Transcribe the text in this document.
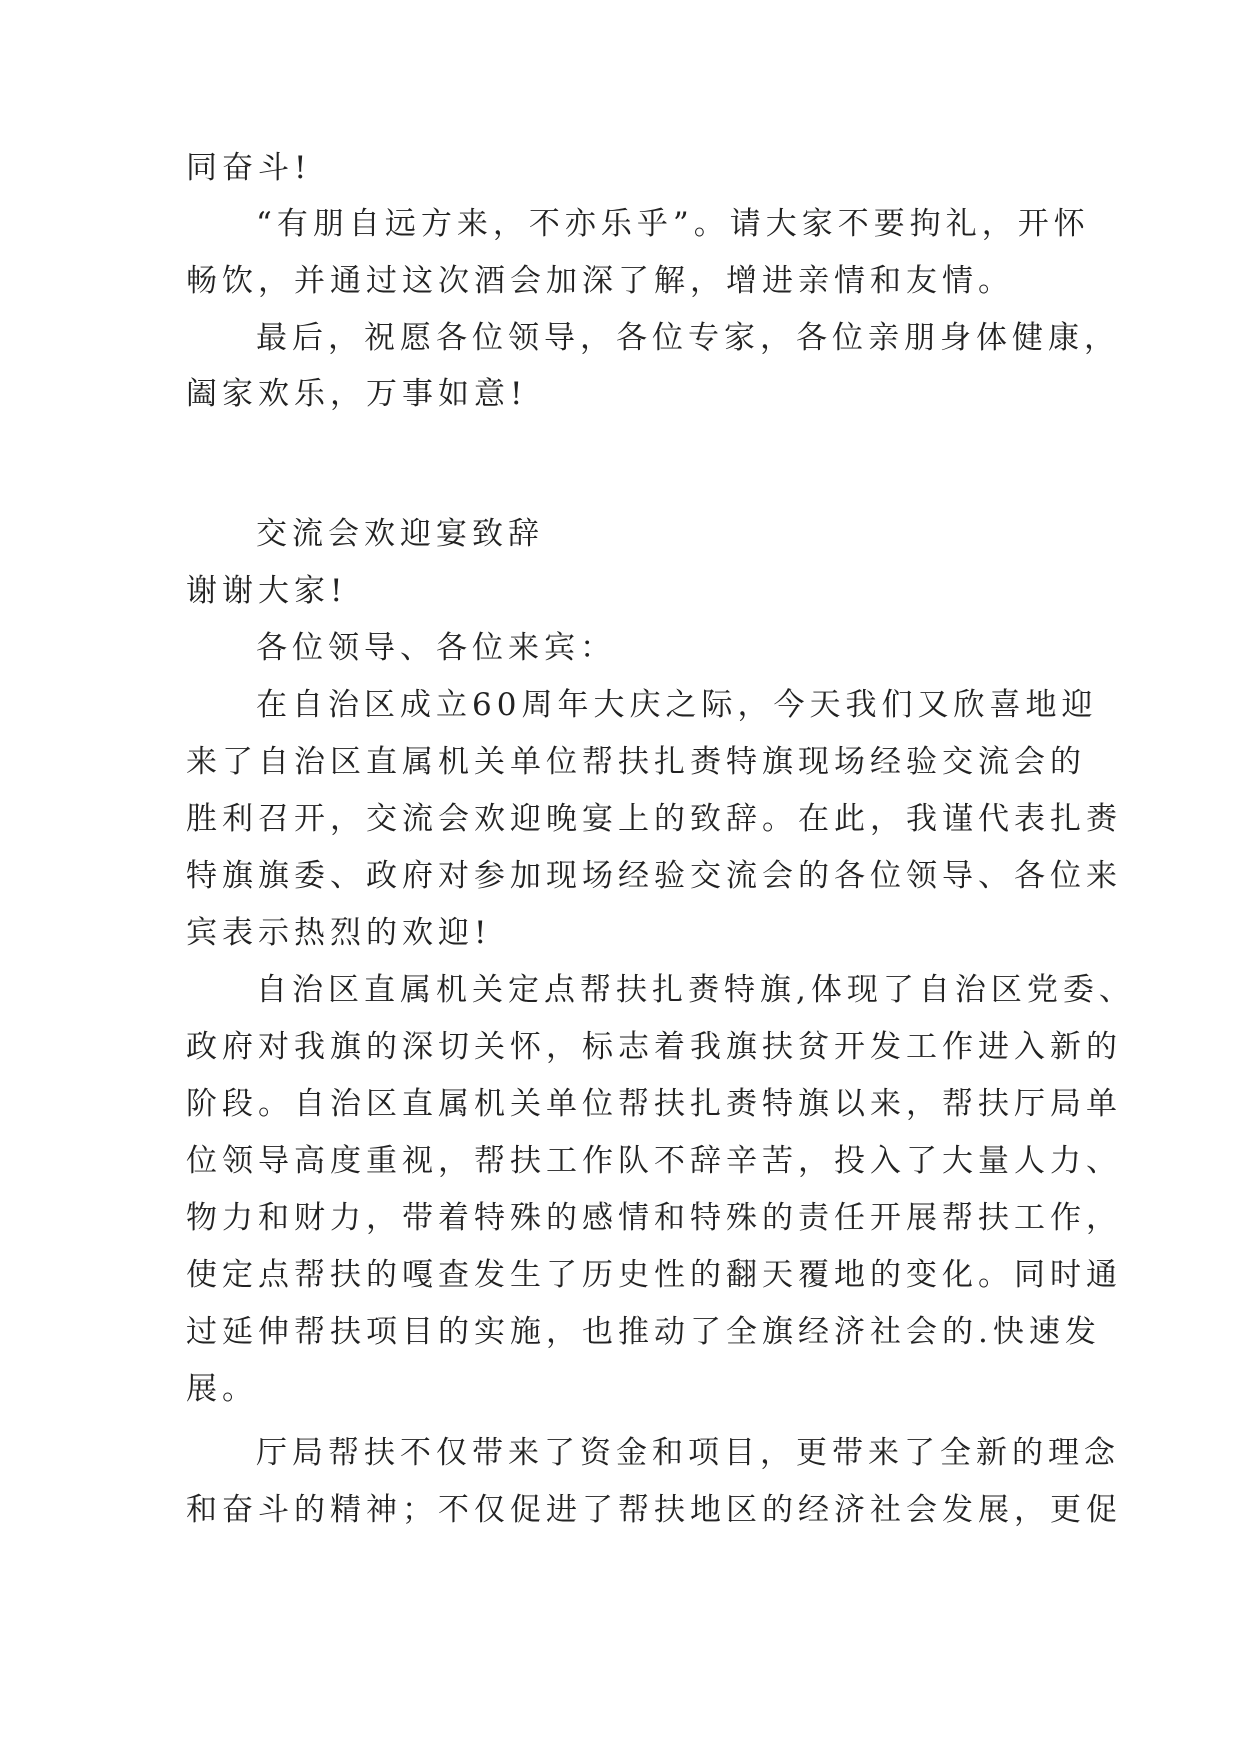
同奋斗!
“有朋自远方来，不亦乐乎”。请大家不要拘礼，开怀
畅饮，并通过这次酒会加深了解，增进亲情和友情。
最后，祝愿各位领导，各位专家，各位亲朋身体健康，
阖家欢乐，万事如意!
交流会欢迎宴致辞
谢谢大家!
各位领导、各位来宾：
在自治区成立60周年大庆之际，今天我们又欣喜地迎
来了自治区直属机关单位帮扶扎赉特旗现场经验交流会的
胜利召开，交流会欢迎晚宴上的致辞。在此，我谨代表扎赉
特旗旗委、政府对参加现场经验交流会的各位领导、各位来
宾表示热烈的欢迎!
自治区直属机关定点帮扶扎赉特旗,体现了自治区党委、
政府对我旗的深切关怀，标志着我旗扶贫开发工作进入新的
阶段。自治区直属机关单位帮扶扎赉特旗以来，帮扶厅局单
位领导高度重视，帮扶工作队不辞辛苦，投入了大量人力、
物力和财力，带着特殊的感情和特殊的责任开展帮扶工作，
使定点帮扶的嘎查发生了历史性的翻天覆地的变化。同时通
过延伸帮扶项目的实施，也推动了全旗经济社会的.快速发
展。
厅局帮扶不仅带来了资金和项目，更带来了全新的理念
和奋斗的精神；不仅促进了帮扶地区的经济社会发展，更促
